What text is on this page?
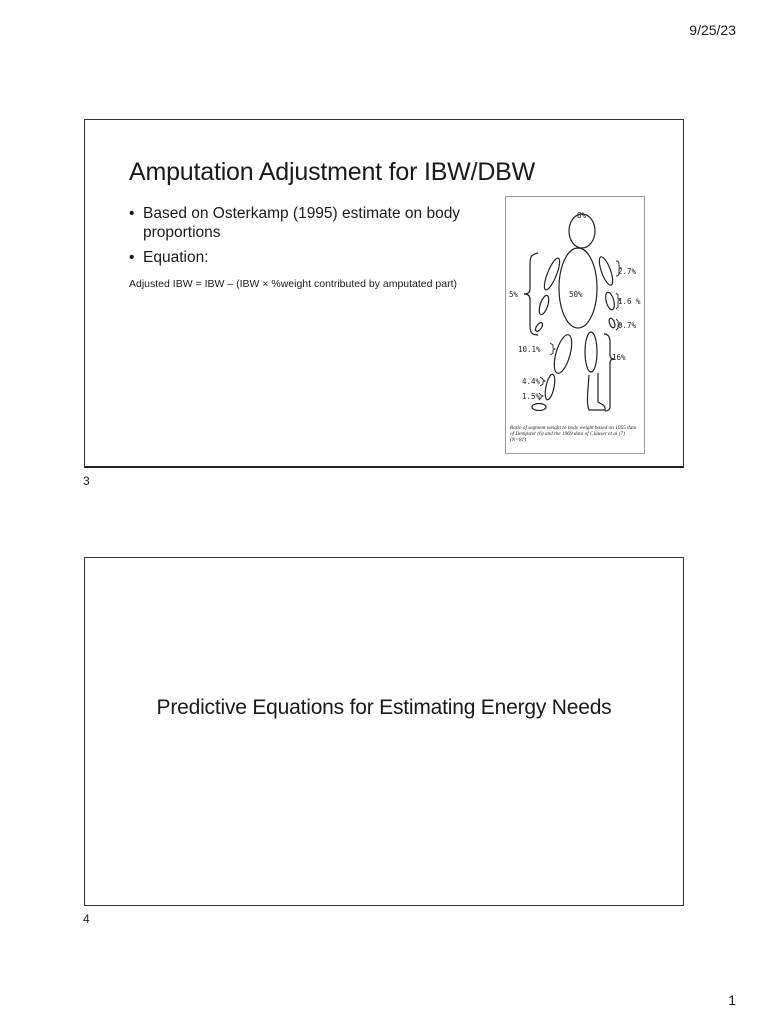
9/25/23
Amputation Adjustment for IBW/DBW
• Based on Osterkamp (1995) estimate on body proportions
• Equation:
Adjusted IBW = IBW – (IBW × %weight contributed by amputated part)
8%
2.7%
5%	50%
1.6 %
0.7%
10.1%
16%
4.4%
1.5%
Ratio of segment weight to body weight based on 1955 data of Dempster (6) and the 1969 data of Clauser et al (7) (N=81).
3
Predictive Equations for Estimating Energy Needs
4
1
